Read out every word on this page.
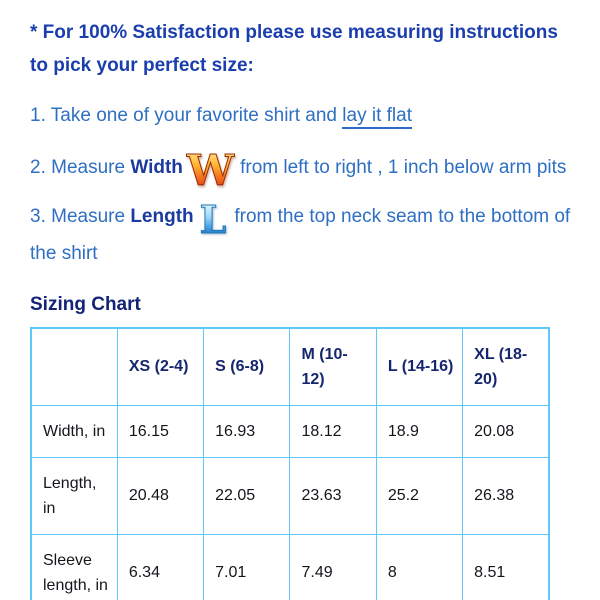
* For 100% Satisfaction please use measuring instructions
to pick your perfect size:

1. Take one of your favorite shirt and lay it flat

2. Measure WidthW from left to right , 1 inch below arm pits

3. Measure Length L from the top neck seam to the bottom of
the shirt

Sizing Chart
	XS (2-4)	S (6-8)	M (10-12)	L (14-16)	XL (18-20)
Width, in	16.15	16.93	18.12	18.9	20.08
Length, in	20.48	22.05	23.63	25.2	26.38
Sleeve length, in	6.34	7.01	7.49	8	8.51
